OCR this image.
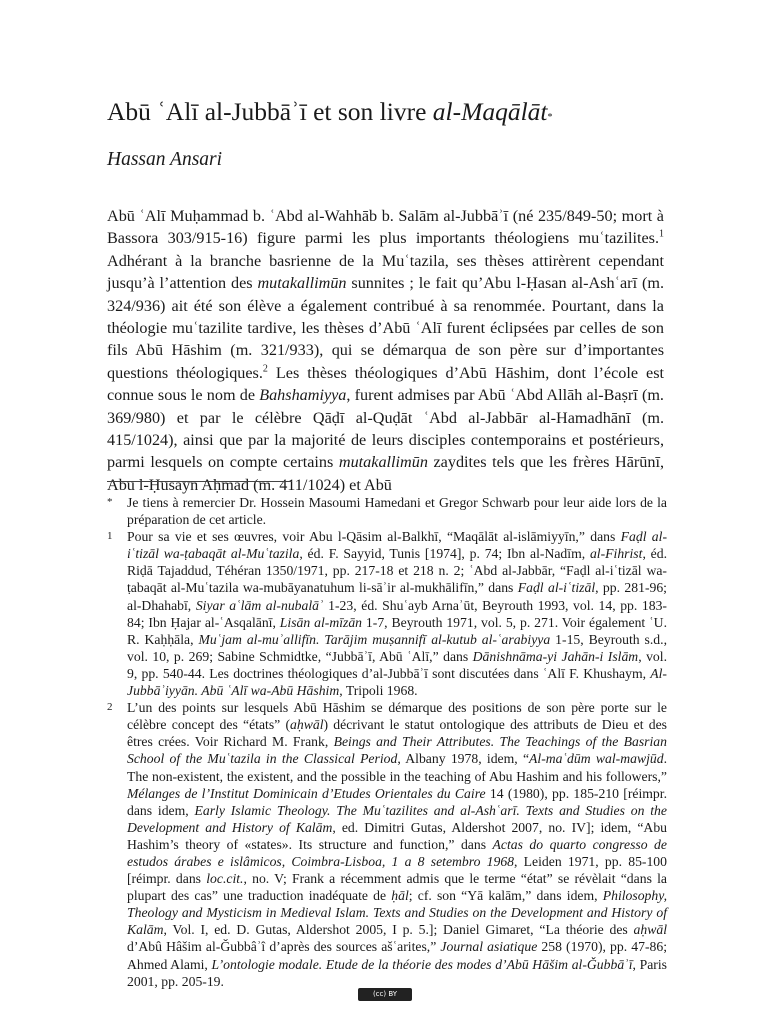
Abū ʿAlī al-Jubbāʾī et son livre al-Maqālāt*
Hassan Ansari
Abū ʿAlī Muḥammad b. ʿAbd al-Wahhāb b. Salām al-Jubbāʾī (né 235/849-50; mort à Bassora 303/915-16) figure parmi les plus importants théologiens muʿtazilites.$^1$ Adhérant à la branche basrienne de la Muʿtazila, ses thèses attirèrent cependant jusqu’à l’attention des mutakallimūn sunnites ; le fait qu’Abu l-Ḥasan al-Ashʿarī (m. 324/936) ait été son élève a également contribué à sa renommée. Pourtant, dans la théologie muʿtazilite tardive, les thèses d’Abū ʿAlī furent éclipsées par celles de son fils Abū Hāshim (m. 321/933), qui se démarqua de son père sur d’importantes questions théologiques.$^2$ Les thèses théologiques d’Abū Hāshim, dont l’école est connue sous le nom de Bahshamiyya, furent admises par Abū ʿAbd Allāh al-Baṣrī (m. 369/980) et par le célèbre Qāḍī al-Quḍāt ʿAbd al-Jabbār al-Hamadhānī (m. 415/1024), ainsi que par la majorité de leurs disciples contemporains et postérieurs, parmi lesquels on compte certains mutakallimūn zaydites tels que les frères Hārūnī, Abu l-Ḥusayn Aḥmad (m. 411/1024) et Abū
* Je tiens à remercier Dr. Hossein Masoumi Hamedani et Gregor Schwarb pour leur aide lors de la préparation de cet article.

1 Pour sa vie et ses œuvres, voir Abu l-Qāsim al-Balkhī, “Maqālāt al-islāmiyyīn,” dans Faḍl al-iʿtizāl wa-ṭabaqāt al-Muʿtazila, éd. F. Sayyid, Tunis [1974], p. 74; Ibn al-Nadīm, al-Fihrist, éd. Riḍā Tajaddud, Téhéran 1350/1971, pp. 217-18 et 218 n. 2; ʿAbd al-Jabbār, “Faḍl al-iʿtizāl wa-ṭabaqāt al-Muʿtazila wa-mubāyanatuhum li-sāʾir al-mukhālifīn,” dans Faḍl al-iʿtizāl, pp. 281-96; al-Dhahabī, Siyar aʿlām al-nubalāʾ 1-23, éd. Shuʿayb Arnaʾūt, Beyrouth 1993, vol. 14, pp. 183-84; Ibn Ḥajar al-ʿAsqalānī, Lisān al-mīzān 1-7, Beyrouth 1971, vol. 5, p. 271. Voir également ʿU. R. Kaḥḥāla, Muʿjam al-muʾallifīn. Tarājim muṣannifī al-kutub al-ʿarabiyya 1-15, Beyrouth s.d., vol. 10, p. 269; Sabine Schmidtke, “Jubbāʾī, Abū ʿAlī,” dans Dānishnāma-yi Jahān-i Islām, vol. 9, pp. 540-44. Les doctrines théologiques d’al-Jubbāʾī sont discutées dans ʿAlī F. Khushaym, Al-Jubbāʾiyyān. Abū ʿAlī wa-Abū Hāshim, Tripoli 1968.

2 L’un des points sur lesquels Abū Hāshim se démarque des positions de son père porte sur le célèbre concept des “états” (aḥwāl) décrivant le statut ontologique des attributs de Dieu et des êtres crées. Voir Richard M. Frank, Beings and Their Attributes. The Teachings of the Basrian School of the Muʿtazila in the Classical Period, Albany 1978, idem, “Al-maʿdūm wal-mawjūd. The non-existent, the existent, and the possible in the teaching of Abu Hashim and his followers,” Mélanges de l’Institut Dominicain d’Etudes Orientales du Caire 14 (1980), pp. 185-210 [réimpr. dans idem, Early Islamic Theology. The Muʿtazilites and al-Ashʿarī. Texts and Studies on the Development and History of Kalām, ed. Dimitri Gutas, Aldershot 2007, no. IV]; idem, “Abu Hashim’s theory of «states». Its structure and function,” dans Actas do quarto congresso de estudos árabes e islâmicos, Coimbra-Lisboa, 1 a 8 setembro 1968, Leiden 1971, pp. 85-100 [réimpr. dans loc.cit., no. V; Frank a récemment admis que le terme “état” se révèlait “dans la plupart des cas” une traduction inadéquate de ḥāl; cf. son “Yā kalām,” dans idem, Philosophy, Theology and Mysticism in Medieval Islam. Texts and Studies on the Development and History of Kalām, Vol. I, ed. D. Gutas, Aldershot 2005, I p. 5.]; Daniel Gimaret, “La théorie des aḥwāl d’Abû Hâšim al-Ǧubbâʾî d’après des sources ašʿarites,” Journal asiatique 258 (1970), pp. 47-86; Ahmed Alami, L’ontologie modale. Etude de la théorie des modes d’Abū Hāšim al-Ǧubbāʾī, Paris 2001, pp. 205-19.

(cc) BY
